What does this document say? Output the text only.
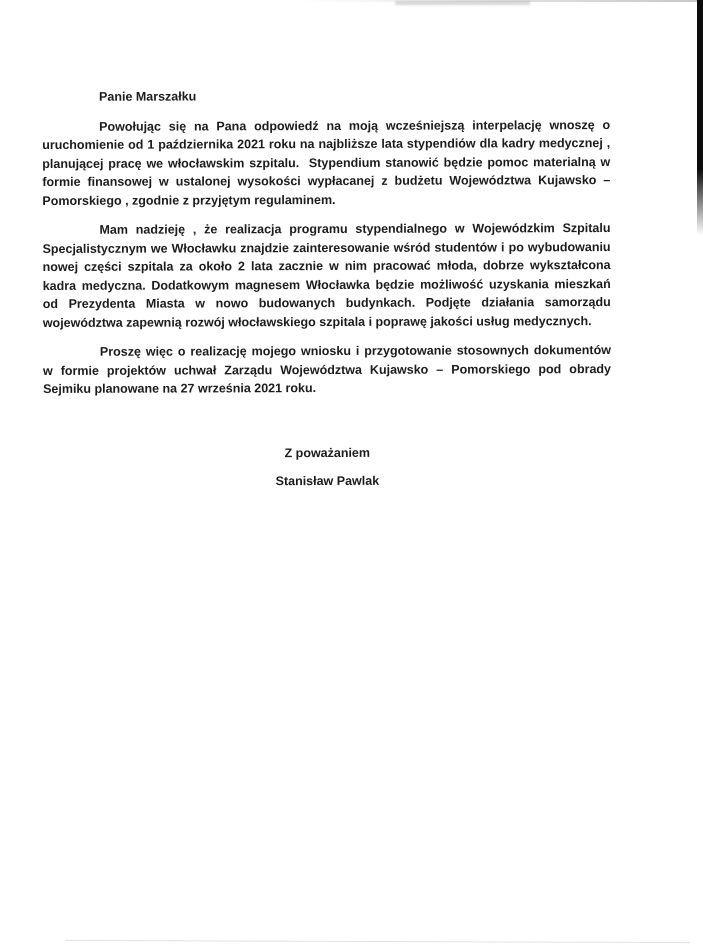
Panie Marszałku

Powołując się na Pana odpowiedź na moją wcześniejszą interpelację wnoszę o uruchomienie od 1 października 2021 roku na najbliższe lata stypendiów dla kadry medycznej , planującej pracę we włocławskim szpitalu.  Stypendium stanowić będzie pomoc materialną w formie finansowej w ustalonej wysokości wypłacanej z budżetu Województwa Kujawsko – Pomorskiego , zgodnie z przyjętym regulaminem.

Mam nadzieję , że realizacja programu stypendialnego w Wojewódzkim Szpitalu Specjalistycznym we Włocławku znajdzie zainteresowanie wśród studentów i po wybudowaniu nowej części szpitala za około 2 lata zacznie w nim pracować młoda, dobrze wykształcona kadra medyczna. Dodatkowym magnesem Włocławka będzie możliwość uzyskania mieszkań od Prezydenta Miasta w nowo budowanych budynkach. Podjęte działania samorządu województwa zapewnią rozwój włocławskiego szpitala i poprawę jakości usług medycznych.

Proszę więc o realizację mojego wniosku i przygotowanie stosownych dokumentów w formie projektów uchwał Zarządu Województwa Kujawsko – Pomorskiego pod obrady Sejmiku planowane na 27 września 2021 roku.

Z poważaniem

Stanisław Pawlak
